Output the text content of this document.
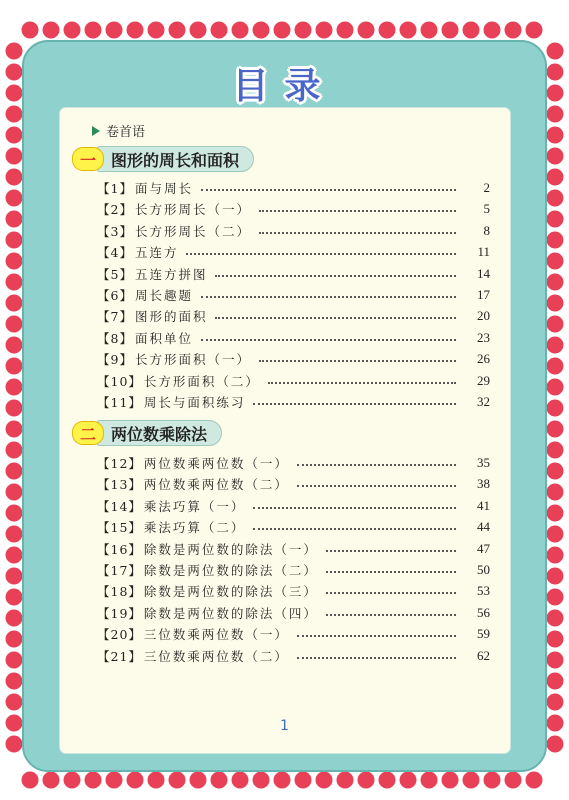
目录
卷首语
一 图形的周长和面积
【1】 面与周长	2
【2】 长方形周长（一）	5
【3】 长方形周长（二）	8
【4】 五连方	11
【5】 五连方拼图	14
【6】 周长趣题	17
【7】 图形的面积	20
【8】 面积单位	23
【9】 长方形面积（一）	26
【10】 长方形面积（二）	29
【11】 周长与面积练习	32
二 两位数乘除法
【12】 两位数乘两位数（一）	35
【13】 两位数乘两位数（二）	38
【14】 乘法巧算（一）	41
【15】 乘法巧算（二）	44
【16】 除数是两位数的除法（一）	47
【17】 除数是两位数的除法（二）	50
【18】 除数是两位数的除法（三）	53
【19】 除数是两位数的除法（四）	56
【20】 三位数乘两位数（一）	59
【21】 三位数乘两位数（二）	62
1
